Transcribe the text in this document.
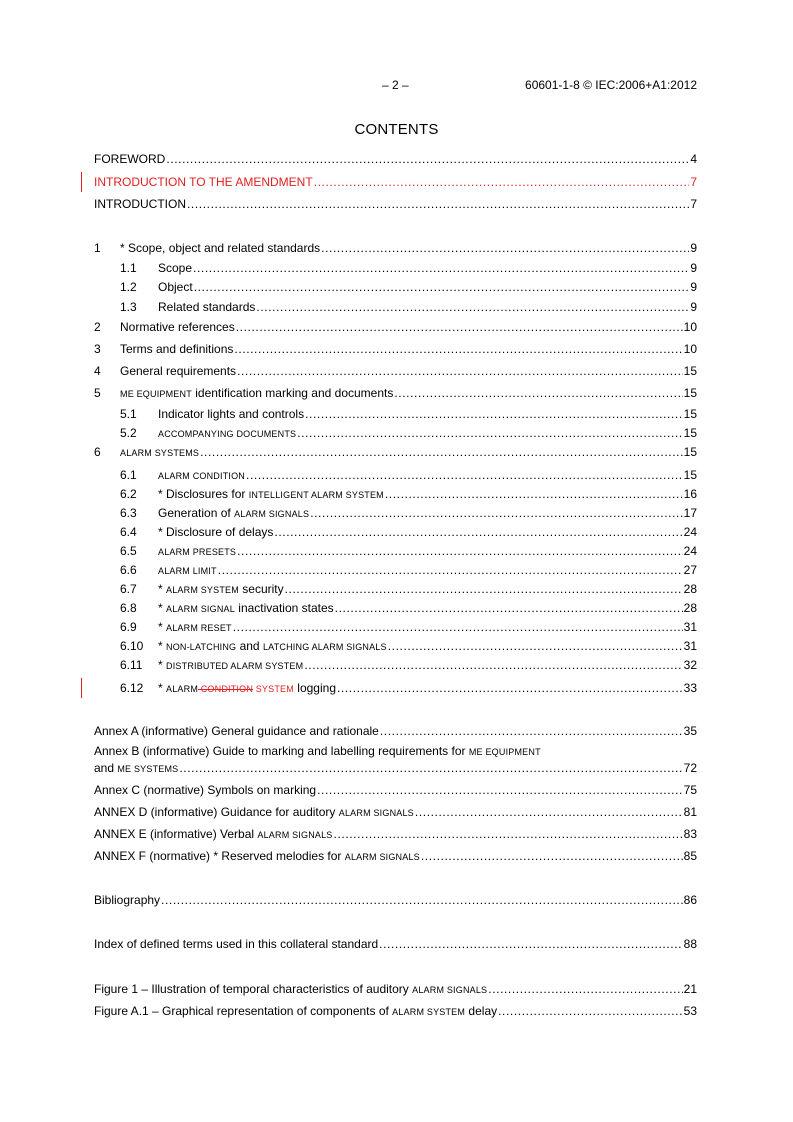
– 2 –	60601-1-8 © IEC:2006+A1:2012
CONTENTS
FOREWORD .....	4
INTRODUCTION TO THE AMENDMENT .....	7
INTRODUCTION .....	7
1	* Scope, object and related standards .....	9
1.1	Scope .....	9
1.2	Object .....	9
1.3	Related standards .....	9
2	Normative references .....	10
3	Terms and definitions .....	10
4	General requirements .....	15
5	ME EQUIPMENT identification marking and documents .....	15
5.1	Indicator lights and controls .....	15
5.2	ACCOMPANYING DOCUMENTS .....	15
6	ALARM SYSTEMS .....	15
6.1	ALARM CONDITION .....	15
6.2	* Disclosures for INTELLIGENT ALARM SYSTEM .....	16
6.3	Generation of ALARM SIGNALS .....	17
6.4	* Disclosure of delays .....	24
6.5	ALARM PRESETS .....	24
6.6	ALARM LIMIT .....	27
6.7	* ALARM SYSTEM security .....	28
6.8	* ALARM SIGNAL inactivation states .....	28
6.9	* ALARM RESET .....	31
6.10	* NON-LATCHING and LATCHING ALARM SIGNALS .....	31
6.11	* DISTRIBUTED ALARM SYSTEM .....	32
6.12	* ALARM CONDITION SYSTEM logging .....	33
Annex A (informative) General guidance and rationale .....	35
Annex B (informative) Guide to marking and labelling requirements for ME EQUIPMENT
and ME SYSTEMS .....	72
Annex C (normative) Symbols on marking .....	75
ANNEX D (informative) Guidance for auditory ALARM SIGNALS .....	81
ANNEX E (informative) Verbal ALARM SIGNALS .....	83
ANNEX F (normative) * Reserved melodies for ALARM SIGNALS .....	85
Bibliography .....	86
Index of defined terms used in this collateral standard .....	88
Figure 1 – Illustration of temporal characteristics of auditory ALARM SIGNALS .....	21
Figure A.1 – Graphical representation of components of ALARM SYSTEM delay .....	53
